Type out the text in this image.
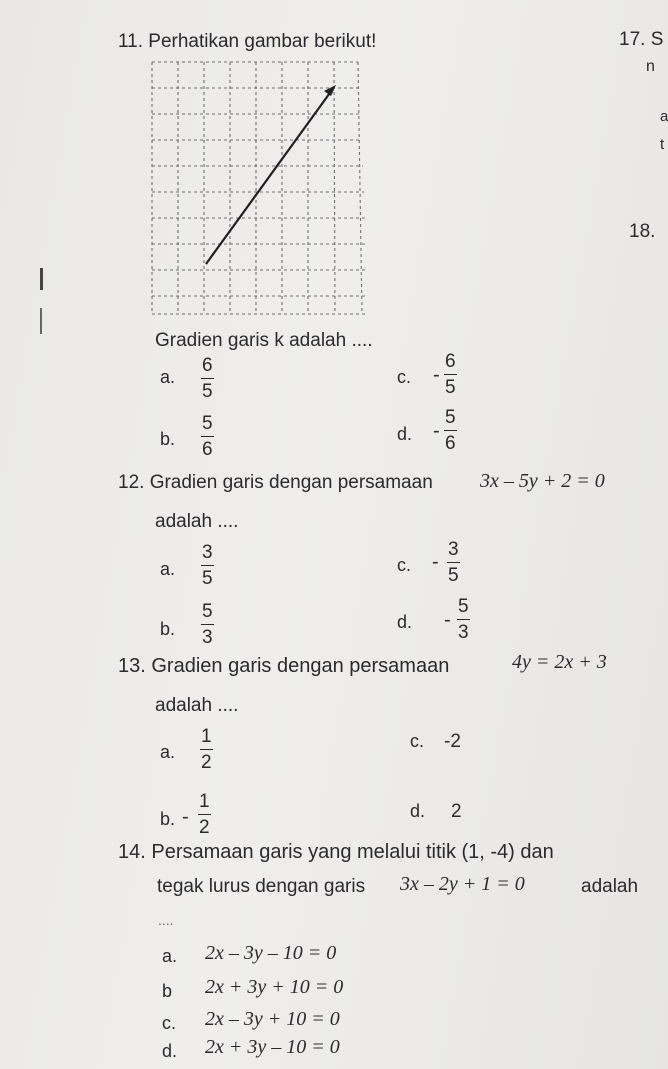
11. Perhatikan gambar berikut!
Gradien garis k adalah ....
a. $\frac{6}{5}$
b. $\frac{5}{6}$
c. - $\frac{6}{5}$
d. - $\frac{5}{6}$
12. Gradien garis dengan persamaan 3x – 5y + 2 = 0
adalah ....
a. $\frac{3}{5}$
b. $\frac{5}{3}$
c. - $\frac{3}{5}$
d. - $\frac{5}{3}$
13. Gradien garis dengan persamaan	4y = 2x + 3
adalah ....
a. $\frac{1}{2}$
b. - $\frac{1}{2}$
c. -2
d. 2
14. Persamaan garis yang melalui titik (1, -4) dan
tegak lurus dengan garis 3x – 2y + 1 = 0	adalah
....
a. 2x – 3y – 10 = 0
b 2x + 3y + 10 = 0
c. 2x – 3y + 10 = 0
d. 2x + 3y – 10 = 0
17. S
n
a
t
18.
